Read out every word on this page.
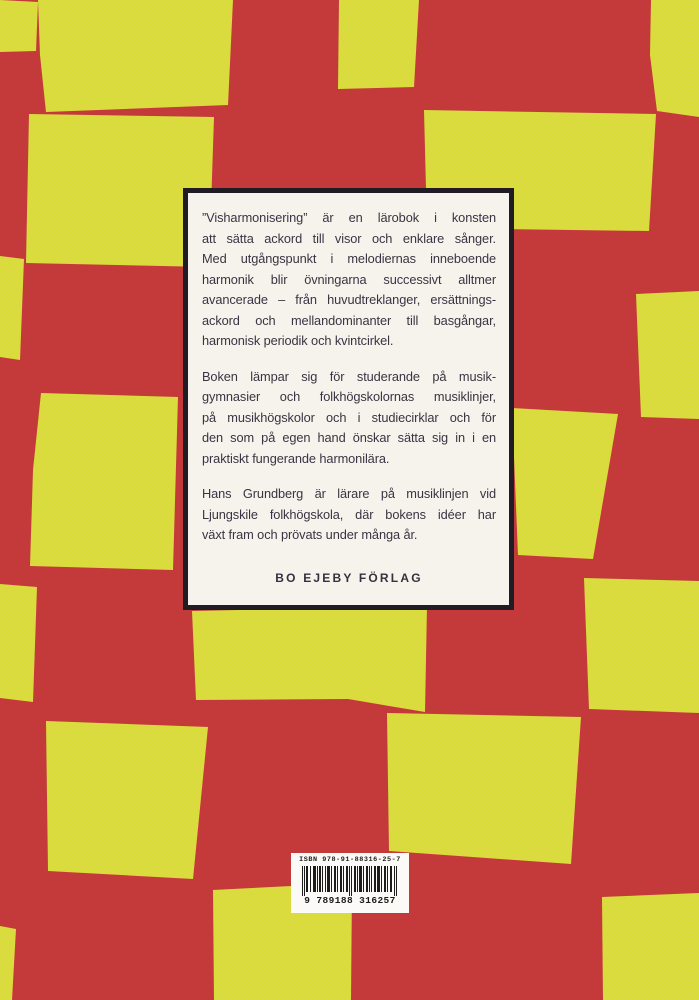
”Visharmonisering” är en lärobok i konsten
att sätta ackord till visor och enklare sånger.
Med utgångspunkt i melodiernas inneboende
harmonik blir övningarna successivt alltmer
avancerade – från huvudtreklanger, ersättnings-
ackord och mellandominanter till basgångar,
harmonisk periodik och kvintcirkel.
Boken lämpar sig för studerande på musik-
gymnasier och folkhögskolornas musiklinjer,
på musikhögskolor och i studiecirklar och för
den som på egen hand önskar sätta sig in i en
praktiskt fungerande harmonilära.
Hans Grundberg är lärare på musiklinjen vid
Ljungskile folkhögskola, där bokens idéer har
växt fram och prövats under många år.
BO EJEBY FÖRLAG
ISBN 978-91-88316-25-7
9 789188 316257
